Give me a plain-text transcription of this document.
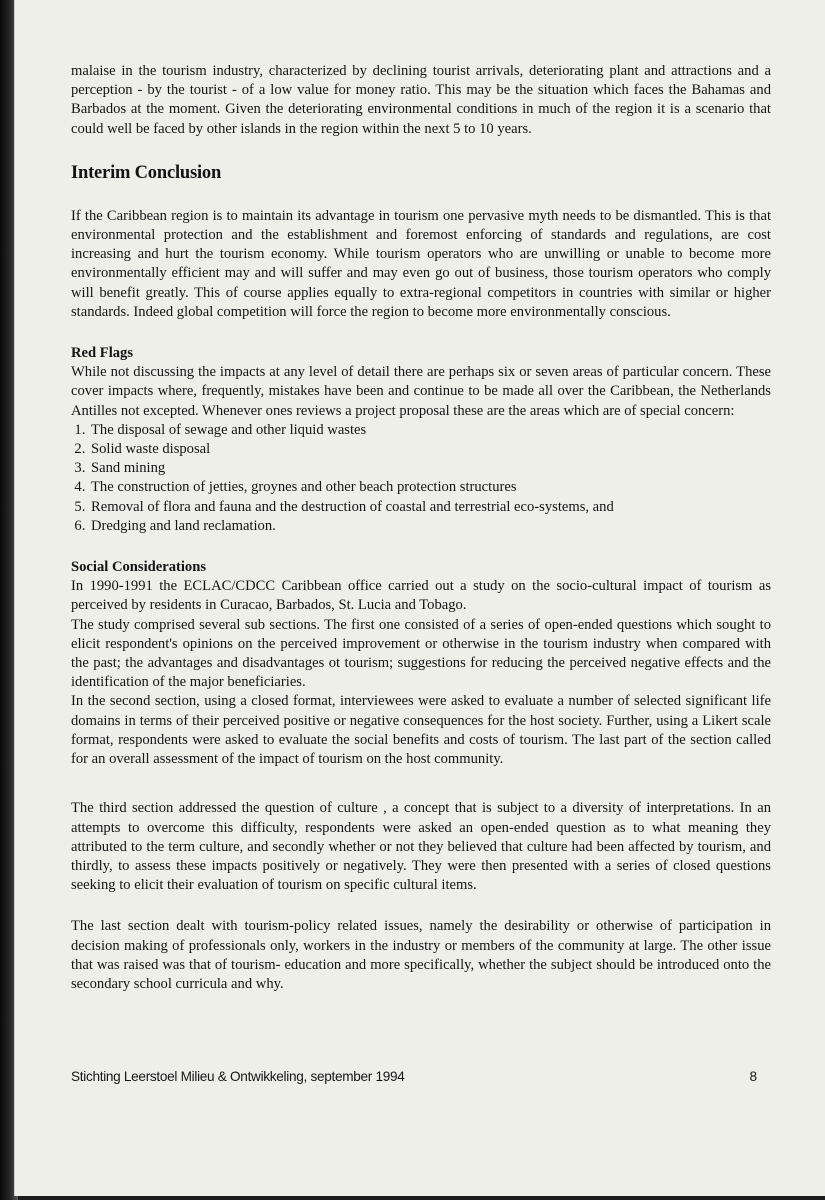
malaise in the tourism industry, characterized by declining tourist arrivals, deteriorating plant and attractions and a perception - by the tourist - of a low value for money ratio. This may be the situation which faces the Bahamas and Barbados at the moment. Given the deteriorating environmental conditions in much of the region it is a scenario that could well be faced by other islands in the region within the next 5 to 10 years.

Interim Conclusion

If the Caribbean region is to maintain its advantage in tourism one pervasive myth needs to be dismantled. This is that environmental protection and the establishment and foremost enforcing of standards and regulations, are cost increasing and hurt the tourism economy. While tourism operators who are unwilling or unable to become more environmentally efficient may and will suffer and may even go out of business, those tourism operators who comply will benefit greatly. This of course applies equally to extra-regional competitors in countries with similar or higher standards. Indeed global competition will force the region to become more environmentally conscious.

Red Flags

While not discussing the impacts at any level of detail there are perhaps six or seven areas of particular concern. These cover impacts where, frequently, mistakes have been and continue to be made all over the Caribbean, the Netherlands Antilles not excepted. Whenever ones reviews a project proposal these are the areas which are of special concern:

1. The disposal of sewage and other liquid wastes
2. Solid waste disposal
3. Sand mining
4. The construction of jetties, groynes and other beach protection structures
5. Removal of flora and fauna and the destruction of coastal and terrestrial eco-systems, and
6. Dredging and land reclamation.
Social Considerations

In 1990-1991 the ECLAC/CDCC Caribbean office carried out a study on the socio-cultural impact of tourism as perceived by residents in Curacao, Barbados, St. Lucia and Tobago.

The study comprised several sub sections. The first one consisted of a series of open-ended questions which sought to elicit respondent's opinions on the perceived improvement or otherwise in the tourism industry when compared with the past; the advantages and disadvantages ot tourism; suggestions for reducing the perceived negative effects and the identification of the major beneficiaries.

In the second section, using a closed format, interviewees were asked to evaluate a number of selected significant life domains in terms of their perceived positive or negative consequences for the host society. Further, using a Likert scale format, respondents were asked to evaluate the social benefits and costs of tourism. The last part of the section called for an overall assessment of the impact of tourism on the host community.

The third section addressed the question of culture , a concept that is subject to a diversity of interpretations. In an attempts to overcome this difficulty, respondents were asked an open-ended question as to what meaning they attributed to the term culture, and secondly whether or not they believed that culture had been affected by tourism, and thirdly, to assess these impacts positively or negatively. They were then presented with a series of closed questions seeking to elicit their evaluation of tourism on specific cultural items.

The last section dealt with tourism-policy related issues, namely the desirability or otherwise of participation in decision making of professionals only, workers in the industry or members of the community at large. The other issue that was raised was that of tourism- education and more specifically, whether the subject should be introduced onto the secondary school curricula and why.

Stichting Leerstoel Milieu & Ontwikkeling, september 1994	8
